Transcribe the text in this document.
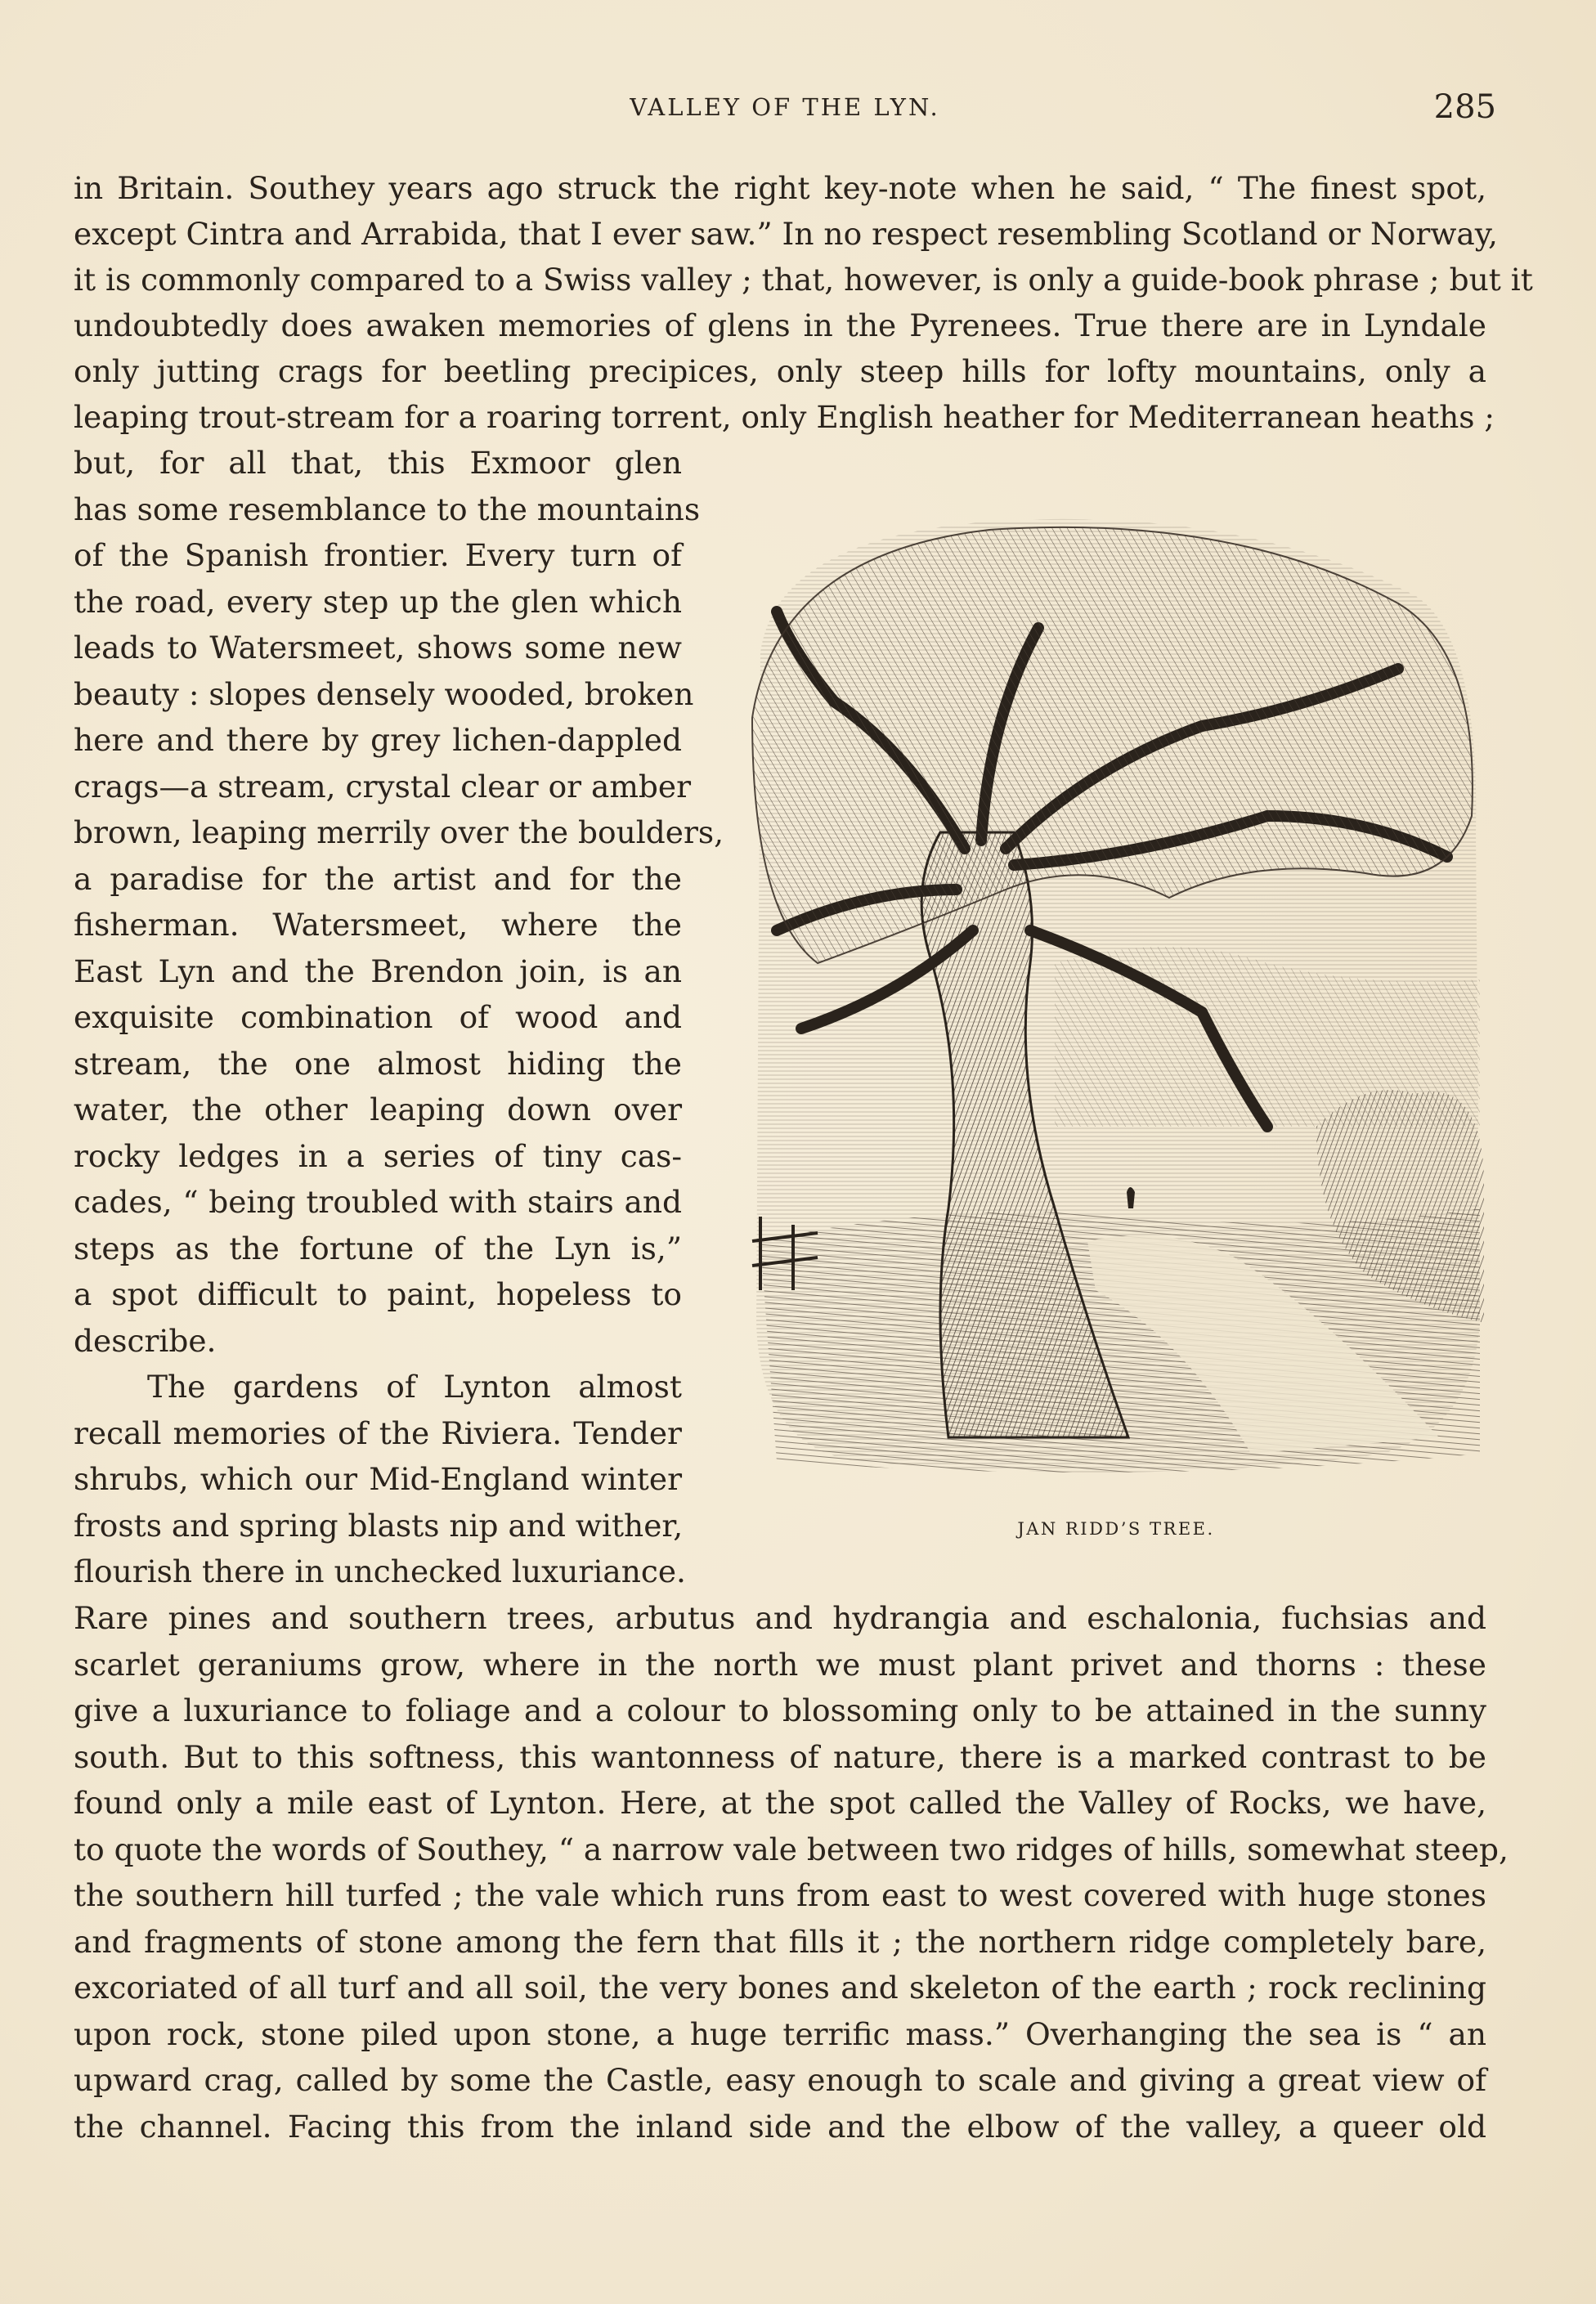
VALLEY OF THE LYN.	285
in Britain. Southey years ago struck the right key-note when he said, “ The finest spot,
except Cintra and Arrabida, that I ever saw.” In no respect resembling Scotland or Norway,
it is commonly compared to a Swiss valley ; that, however, is only a guide-book phrase ; but it
undoubtedly does awaken memories of glens in the Pyrenees. True there are in Lyndale
only jutting crags for beetling precipices, only steep hills for lofty mountains, only a
leaping trout-stream for a roaring torrent, only English heather for Mediterranean heaths ;
but, for all that, this Exmoor glen
has some resemblance to the mountains
of the Spanish frontier. Every turn of
the road, every step up the glen which
leads to Watersmeet, shows some new
beauty : slopes densely wooded, broken
here and there by grey lichen-dappled
crags—a stream, crystal clear or amber
brown, leaping merrily over the boulders,
a paradise for the artist and for the
fisherman. Watersmeet, where the
East Lyn and the Brendon join, is an
exquisite combination of wood and
stream, the one almost hiding the
water, the other leaping down over
rocky ledges in a series of tiny cas-
cades, “ being troubled with stairs and
steps as the fortune of the Lyn is,”
a spot difficult to paint, hopeless to
describe.
The gardens of Lynton almost
recall memories of the Riviera. Tender
shrubs, which our Mid-England winter
frosts and spring blasts nip and wither,
flourish there in unchecked luxuriance.
Rare pines and southern trees, arbutus and hydrangia and eschalonia, fuchsias and
scarlet geraniums grow, where in the north we must plant privet and thorns : these
give a luxuriance to foliage and a colour to blossoming only to be attained in the sunny
south. But to this softness, this wantonness of nature, there is a marked contrast to be
found only a mile east of Lynton. Here, at the spot called the Valley of Rocks, we have,
to quote the words of Southey, “ a narrow vale between two ridges of hills, somewhat steep,
the southern hill turfed ; the vale which runs from east to west covered with huge stones
and fragments of stone among the fern that fills it ; the northern ridge completely bare,
excoriated of all turf and all soil, the very bones and skeleton of the earth ; rock reclining
upon rock, stone piled upon stone, a huge terrific mass.” Overhanging the sea is “ an
upward crag, called by some the Castle, easy enough to scale and giving a great view of
the channel. Facing this from the inland side and the elbow of the valley, a queer old
JAN RIDD’S TREE.
